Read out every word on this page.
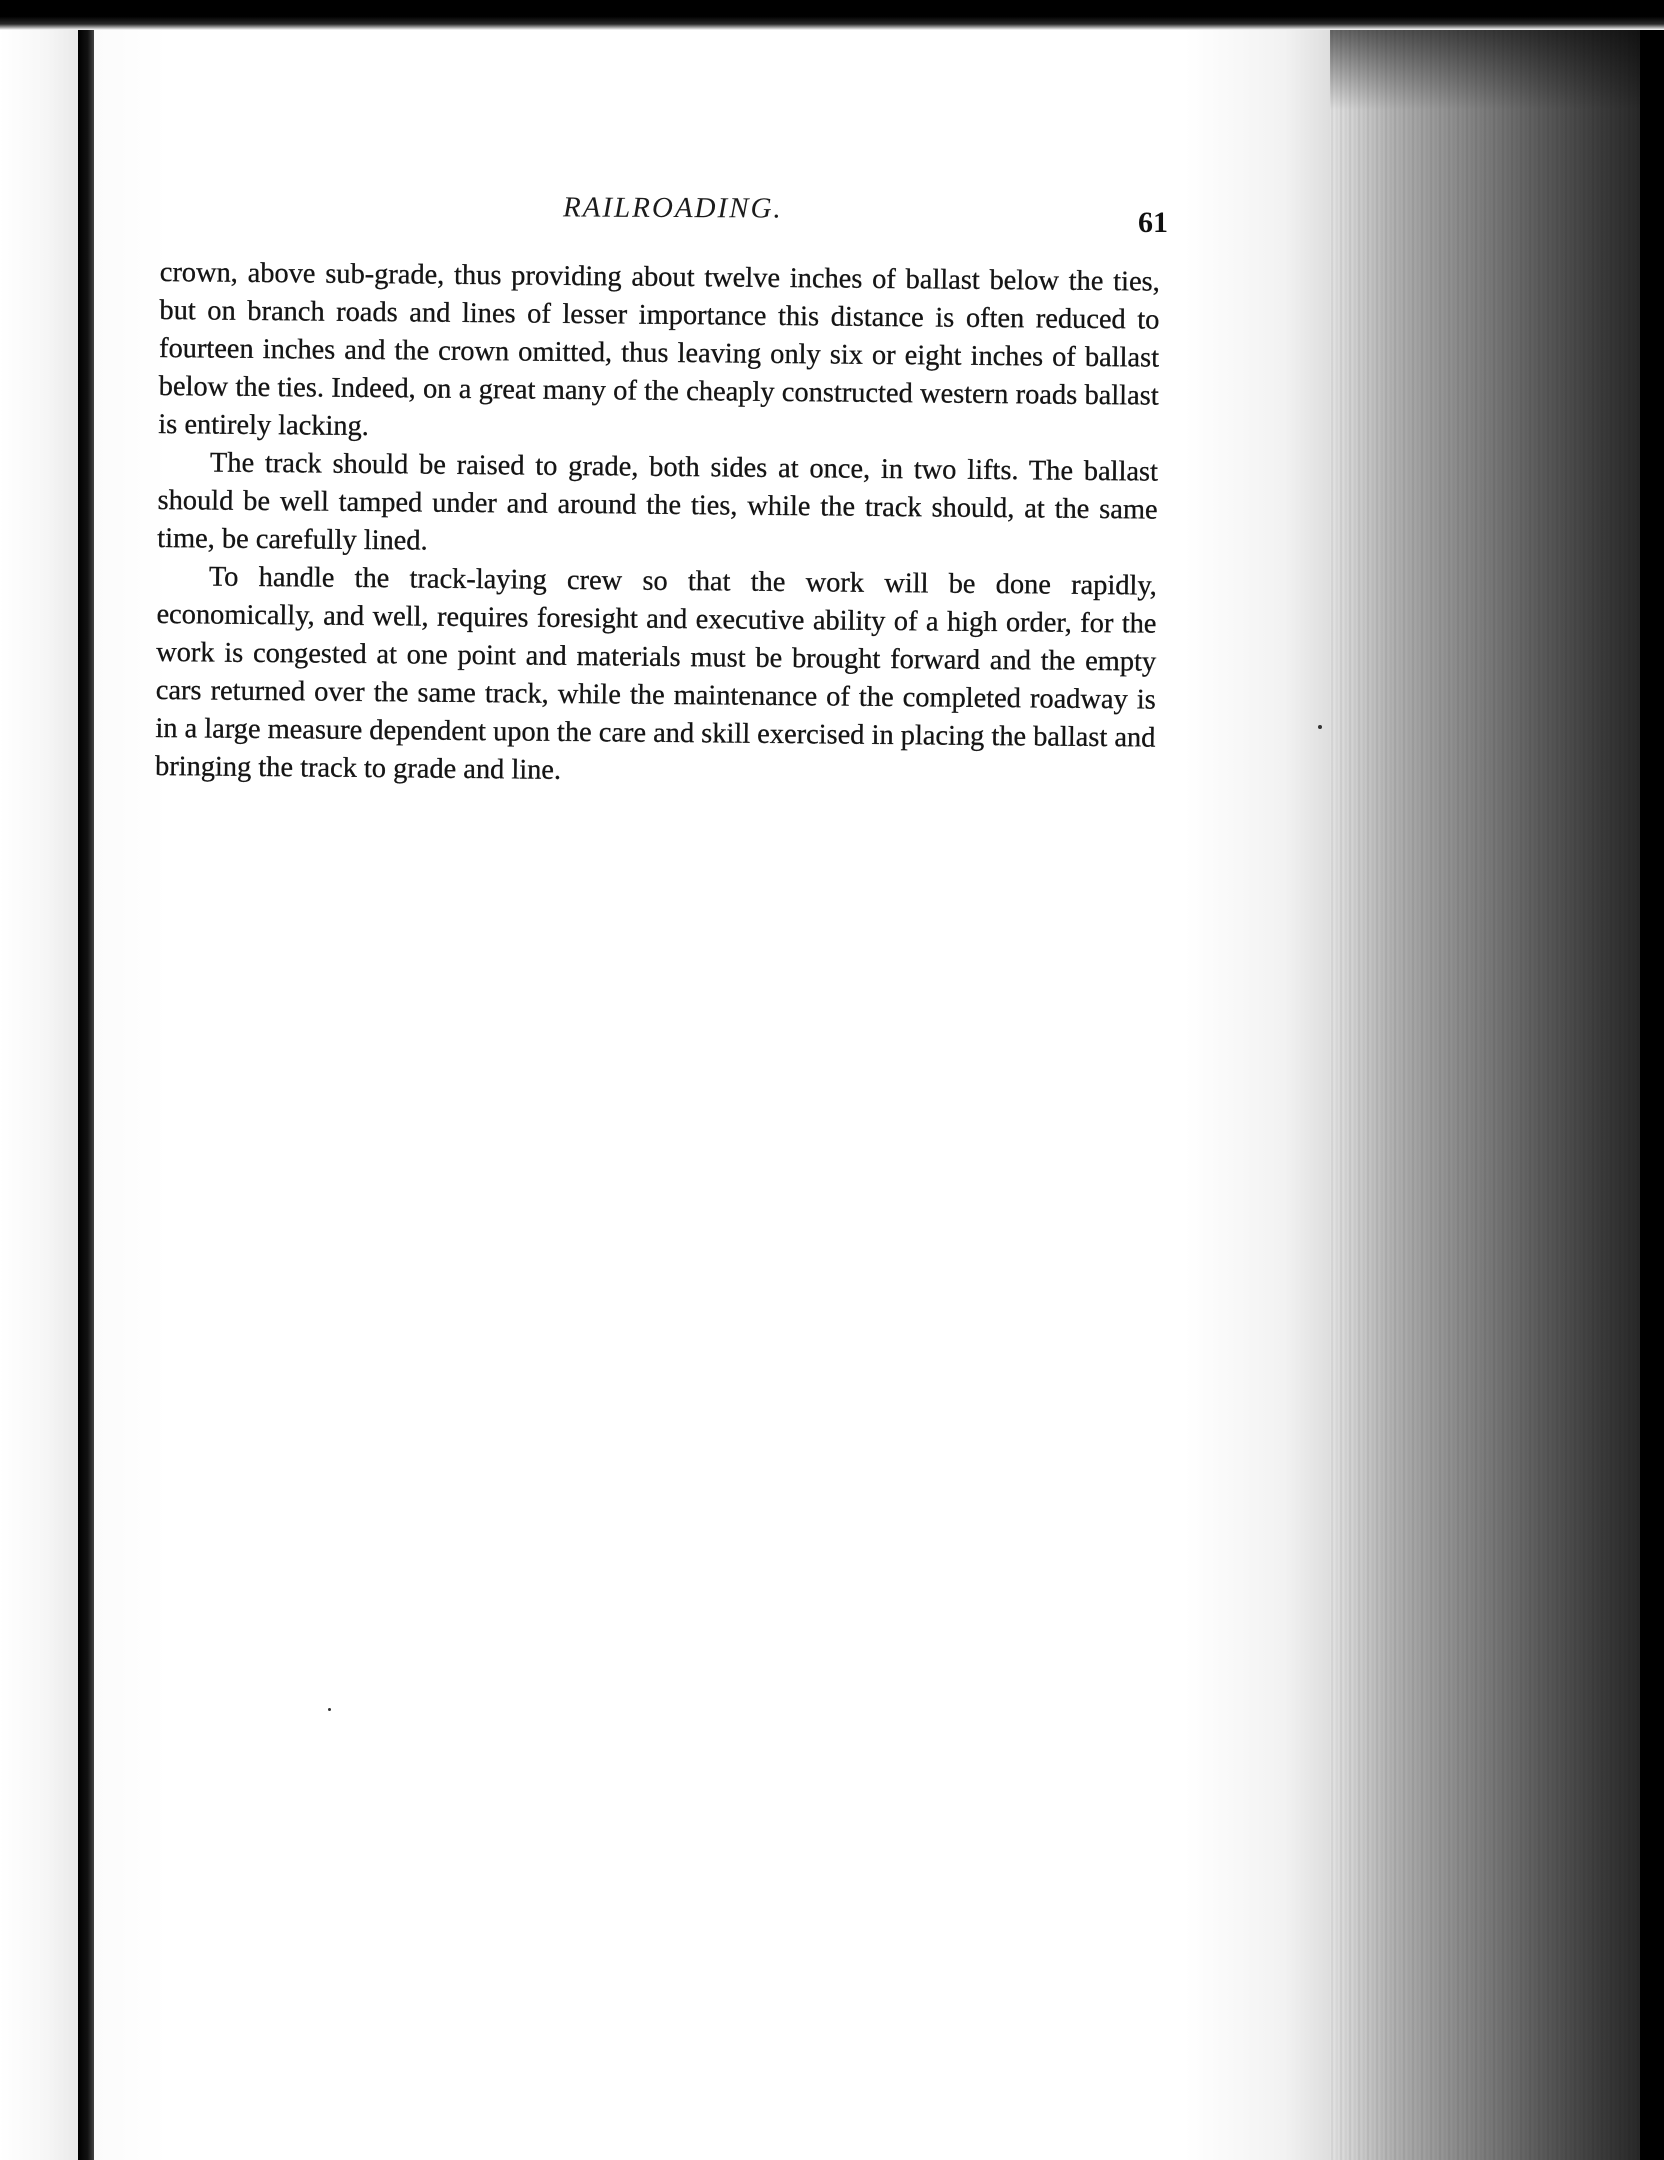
RAILROADING.	61

crown, above sub-grade, thus providing about twelve inches of ballast below the ties, but on branch roads and lines of lesser importance this distance is often reduced to fourteen inches and the crown omitted, thus leaving only six or eight inches of ballast below the ties. Indeed, on a great many of the cheaply constructed western roads ballast is entirely lacking.

The track should be raised to grade, both sides at once, in two lifts. The ballast should be well tamped under and around the ties, while the track should, at the same time, be carefully lined.

To handle the track-laying crew so that the work will be done rapidly, economically, and well, requires foresight and executive ability of a high order, for the work is congested at one point and materials must be brought forward and the empty cars returned over the same track, while the maintenance of the completed roadway is in a large measure dependent upon the care and skill exercised in placing the ballast and bringing the track to grade and line.
